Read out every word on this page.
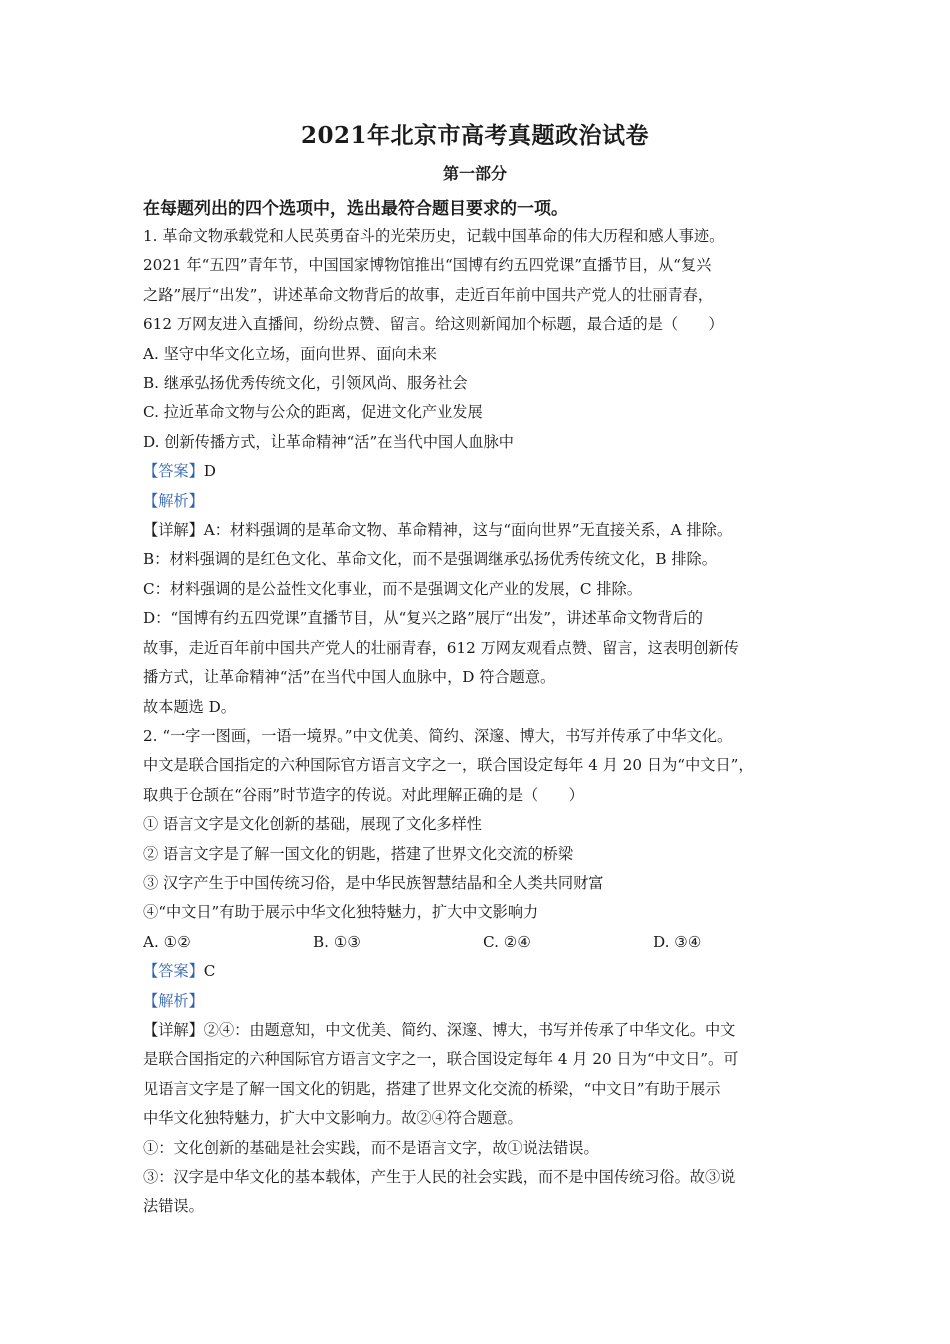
2021年北京市高考真题政治试卷
第一部分
在每题列出的四个选项中，选出最符合题目要求的一项。
1. 革命文物承载党和人民英勇奋斗的光荣历史，记载中国革命的伟大历程和感人事迹。
2021 年“五四”青年节，中国国家博物馆推出“国博有约五四党课”直播节目，从“复兴
之路”展厅“出发”，讲述革命文物背后的故事，走近百年前中国共产党人的壮丽青春，
612 万网友进入直播间，纷纷点赞、留言。给这则新闻加个标题，最合适的是（　　）
A. 坚守中华文化立场，面向世界、面向未来
B. 继承弘扬优秀传统文化，引领风尚、服务社会
C. 拉近革命文物与公众的距离，促进文化产业发展
D. 创新传播方式，让革命精神“活”在当代中国人血脉中
【答案】D
【解析】
【详解】A：材料强调的是革命文物、革命精神，这与“面向世界”无直接关系，A 排除。
B：材料强调的是红色文化、革命文化，而不是强调继承弘扬优秀传统文化，B 排除。
C：材料强调的是公益性文化事业，而不是强调文化产业的发展，C 排除。
D：“国博有约五四党课”直播节目，从“复兴之路”展厅“出发”，讲述革命文物背后的
故事，走近百年前中国共产党人的壮丽青春，612 万网友观看点赞、留言，这表明创新传
播方式，让革命精神“活”在当代中国人血脉中，D 符合题意。
故本题选 D。
2. “一字一图画，一语一境界。”中文优美、简约、深邃、博大，书写并传承了中华文化。
中文是联合国指定的六种国际官方语言文字之一，联合国设定每年 4 月 20 日为“中文日”，
取典于仓颉在“谷雨”时节造字的传说。对此理解正确的是（　　）
① 语言文字是文化创新的基础，展现了文化多样性
② 语言文字是了解一国文化的钥匙，搭建了世界文化交流的桥梁
③ 汉字产生于中国传统习俗，是中华民族智慧结晶和全人类共同财富
④“中文日”有助于展示中华文化独特魅力，扩大中文影响力
A. ①②	B. ①③	C. ②④	D. ③④
【答案】C
【解析】
【详解】②④：由题意知，中文优美、简约、深邃、博大，书写并传承了中华文化。中文
是联合国指定的六种国际官方语言文字之一，联合国设定每年 4 月 20 日为“中文日”。可
见语言文字是了解一国文化的钥匙，搭建了世界文化交流的桥梁，“中文日”有助于展示
中华文化独特魅力，扩大中文影响力。故②④符合题意。
①：文化创新的基础是社会实践，而不是语言文字，故①说法错误。
③：汉字是中华文化的基本载体，产生于人民的社会实践，而不是中国传统习俗。故③说
法错误。
